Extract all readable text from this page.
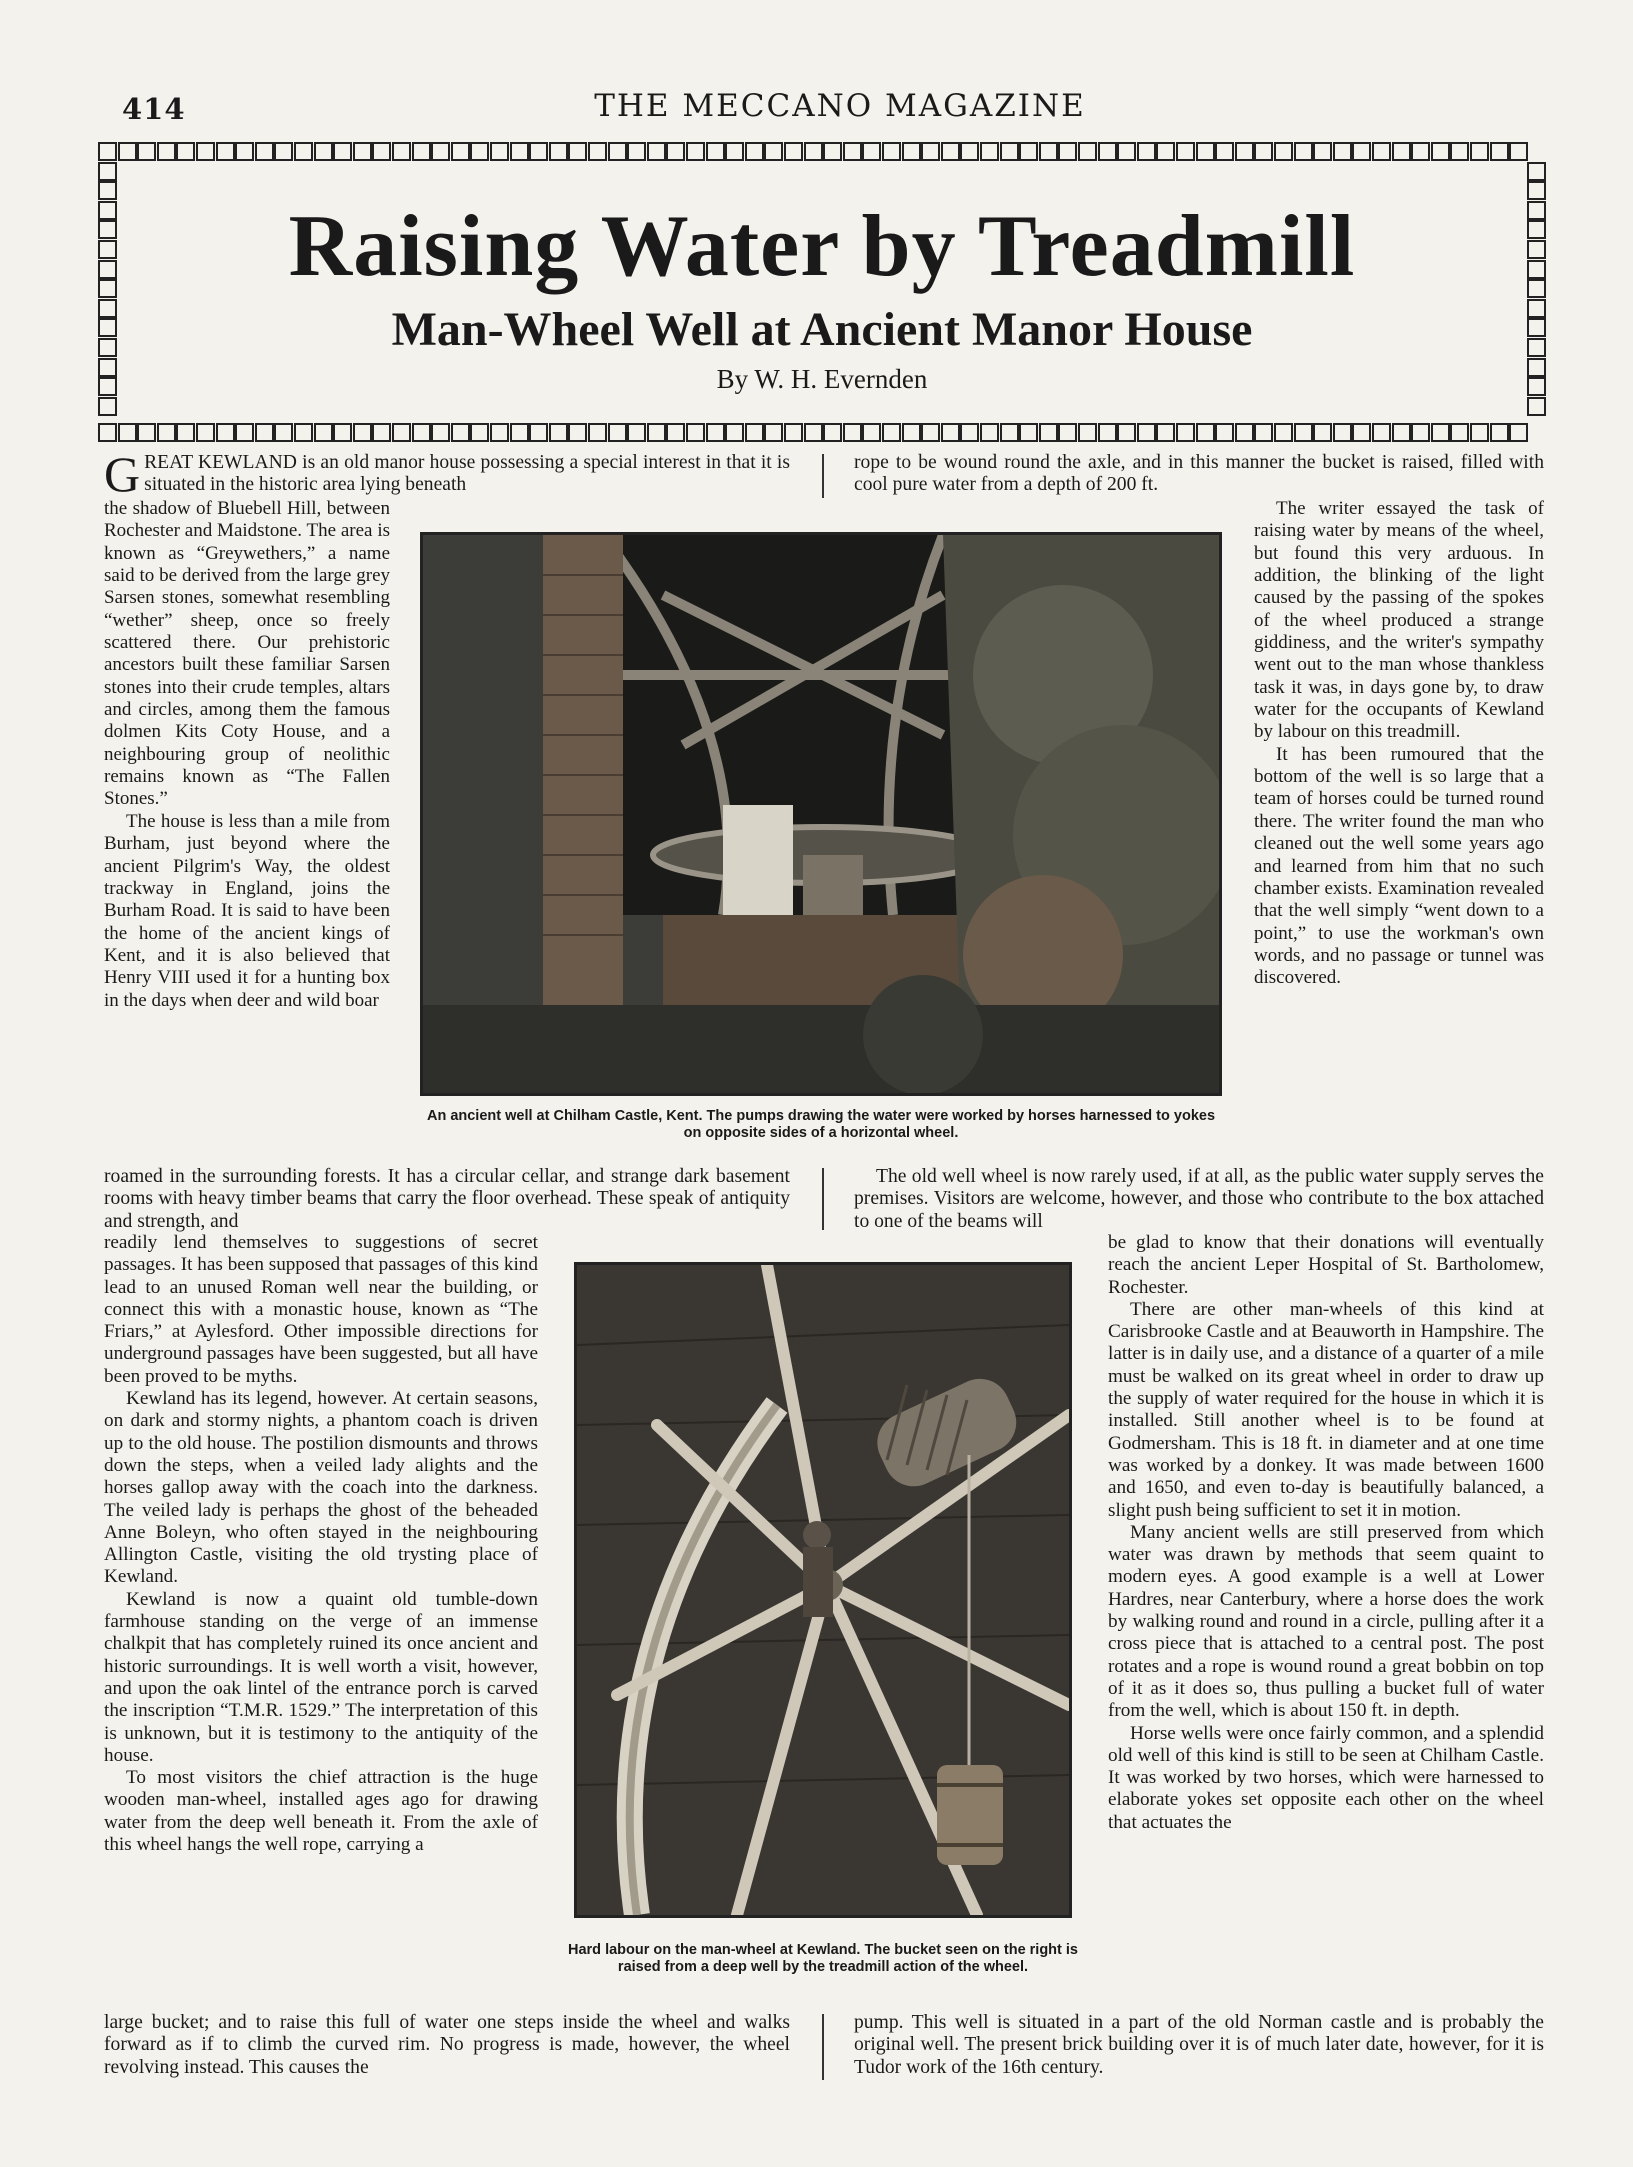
414	THE MECCANO MAGAZINE
Raising Water by Treadmill
Man-Wheel Well at Ancient Manor House
By W. H. Evernden

GREAT KEWLAND is an old manor house possessing a special interest in that it is situated in the historic area lying beneath

the shadow of Bluebell Hill, between Rochester and Maidstone. The area is known as “Greywethers,” a name said to be derived from the large grey Sarsen stones, somewhat resembling “wether” sheep, once so freely scattered there. Our prehistoric ancestors built these familiar Sarsen stones into their crude temples, altars and circles, among them the famous dolmen Kits Coty House, and a neighbouring group of neolithic remains known as “The Fallen Stones.”

The house is less than a mile from Burham, just beyond where the ancient Pilgrim's Way, the oldest trackway in England, joins the Burham Road. It is said to have been the home of the ancient kings of Kent, and it is also believed that Henry VIII used it for a hunting box in the days when deer and wild boar

roamed in the surrounding forests. It has a circular cellar, and strange dark basement rooms with heavy timber beams that carry the floor overhead. These speak of antiquity and strength, and

readily lend themselves to suggestions of secret passages. It has been supposed that passages of this kind lead to an unused Roman well near the building, or connect this with a monastic house, known as “The Friars,” at Aylesford. Other impossible directions for underground passages have been suggested, but all have been proved to be myths.

Kewland has its legend, however. At certain seasons, on dark and stormy nights, a phantom coach is driven up to the old house. The postilion dismounts and throws down the steps, when a veiled lady alights and the horses gallop away with the coach into the darkness. The veiled lady is perhaps the ghost of the beheaded Anne Boleyn, who often stayed in the neighbouring Allington Castle, visiting the old trysting place of Kewland.

Kewland is now a quaint old tumble-down farmhouse standing on the verge of an immense chalkpit that has completely ruined its once ancient and historic surroundings. It is well worth a visit, however, and upon the oak lintel of the entrance porch is carved the inscription “T.M.R. 1529.” The interpretation of this is unknown, but it is testimony to the antiquity of the house.

To most visitors the chief attraction is the huge wooden man-wheel, installed ages ago for drawing water from the deep well beneath it. From the axle of this wheel hangs the well rope, carrying a

large bucket; and to raise this full of water one steps inside the wheel and walks forward as if to climb the curved rim. No progress is made, however, the wheel revolving instead. This causes the

rope to be wound round the axle, and in this manner the bucket is raised, filled with cool pure water from a depth of 200 ft.

The writer essayed the task of raising water by means of the wheel, but found this very arduous. In addition, the blinking of the light caused by the passing of the spokes of the wheel produced a strange giddiness, and the writer's sympathy went out to the man whose thankless task it was, in days gone by, to draw water for the occupants of Kewland by labour on this treadmill.

It has been rumoured that the bottom of the well is so large that a team of horses could be turned round there. The writer found the man who cleaned out the well some years ago and learned from him that no such chamber exists. Examination revealed that the well simply “went down to a point,” to use the workman's own words, and no passage or tunnel was discovered.

The old well wheel is now rarely used, if at all, as the public water supply serves the premises. Visitors are welcome, however, and those who contribute to the box attached to one of the beams will

be glad to know that their donations will eventually reach the ancient Leper Hospital of St. Bartholomew, Rochester.

There are other man-wheels of this kind at Carisbrooke Castle and at Beauworth in Hampshire. The latter is in daily use, and a distance of a quarter of a mile must be walked on its great wheel in order to draw up the supply of water required for the house in which it is installed. Still another wheel is to be found at Godmersham. This is 18 ft. in diameter and at one time was worked by a donkey. It was made between 1600 and 1650, and even to-day is beautifully balanced, a slight push being sufficient to set it in motion.

Many ancient wells are still preserved from which water was drawn by methods that seem quaint to modern eyes. A good example is a well at Lower Hardres, near Canterbury, where a horse does the work by walking round and round in a circle, pulling after it a cross piece that is attached to a central post. The post rotates and a rope is wound round a great bobbin on top of it as it does so, thus pulling a bucket full of water from the well, which is about 150 ft. in depth.

Horse wells were once fairly common, and a splendid old well of this kind is still to be seen at Chilham Castle. It was worked by two horses, which were harnessed to elaborate yokes set opposite each other on the wheel that actuates the

pump. This well is situated in a part of the old Norman castle and is probably the original well. The present brick building over it is of much later date, however, for it is Tudor work of the 16th century.

An ancient well at Chilham Castle, Kent. The pumps drawing the water were worked by horses harnessed to yokes on opposite sides of a horizontal wheel.
Hard labour on the man-wheel at Kewland. The bucket seen on the right is raised from a deep well by the treadmill action of the wheel.
